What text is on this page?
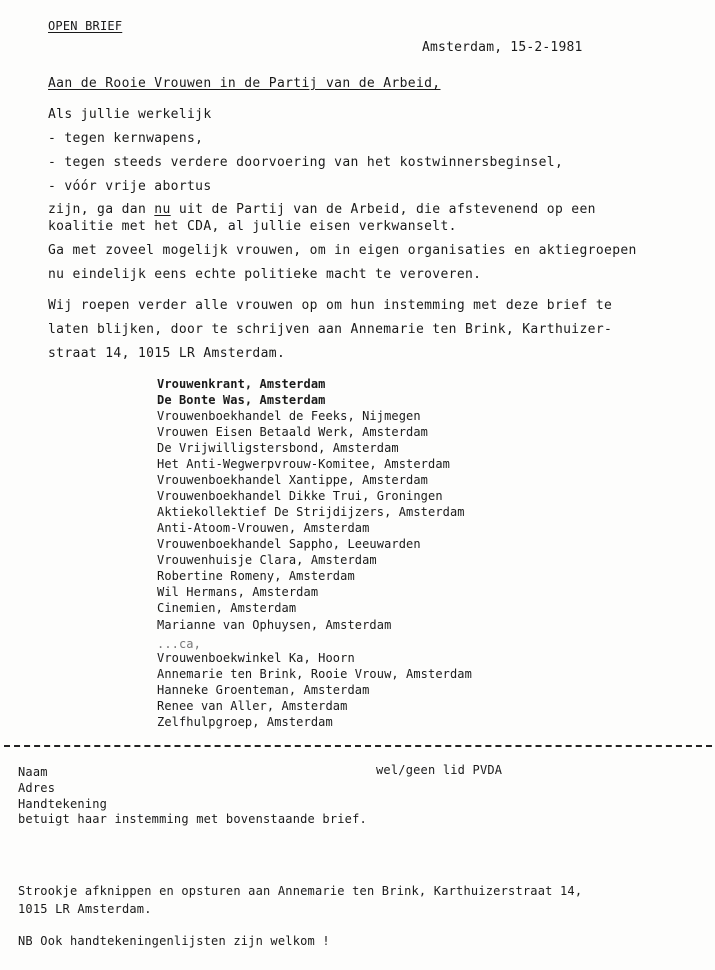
OPEN BRIEF
Amsterdam, 15-2-1981
Aan de Rooie Vrouwen in de Partij van de Arbeid,
Als jullie werkelijk
- tegen kernwapens,
- tegen steeds verdere doorvoering van het kostwinnersbeginsel,
- vóór vrije abortus
zijn, ga dan nu uit de Partij van de Arbeid, die afstevenend op een
koalitie met het CDA, al jullie eisen verkwanselt.
Ga met zoveel mogelijk vrouwen, om in eigen organisaties en aktiegroepen
nu eindelijk eens echte politieke macht te veroveren.
Wij roepen verder alle vrouwen op om hun instemming met deze brief te
laten blijken, door te schrijven aan Annemarie ten Brink, Karthuizer-
straat 14, 1015 LR Amsterdam.
Vrouwenkrant, Amsterdam
De Bonte Was, Amsterdam
Vrouwenboekhandel de Feeks, Nijmegen
Vrouwen Eisen Betaald Werk, Amsterdam
De Vrijwilligstersbond, Amsterdam
Het Anti-Wegwerpvrouw-Komitee, Amsterdam
Vrouwenboekhandel Xantippe, Amsterdam
Vrouwenboekhandel Dikke Trui, Groningen
Aktiekollektief De Strijdijzers, Amsterdam
Anti-Atoom-Vrouwen, Amsterdam
Vrouwenboekhandel Sappho, Leeuwarden
Vrouwenhuisje Clara, Amsterdam
Robertine Romeny, Amsterdam
Wil Hermans, Amsterdam
Cinemien, Amsterdam
Marianne van Ophuysen, Amsterdam
...ca,
Vrouwenboekwinkel Ka, Hoorn
Annemarie ten Brink, Rooie Vrouw, Amsterdam
Hanneke Groenteman, Amsterdam
Renee van Aller, Amsterdam
Zelfhulpgroep, Amsterdam
Naam	wel/geen lid PVDA
Adres
Handtekening
betuigt haar instemming met bovenstaande brief.
Strookje afknippen en opsturen aan Annemarie ten Brink, Karthuizerstraat 14,
1015 LR Amsterdam.
NB Ook handtekeningenlijsten zijn welkom !
